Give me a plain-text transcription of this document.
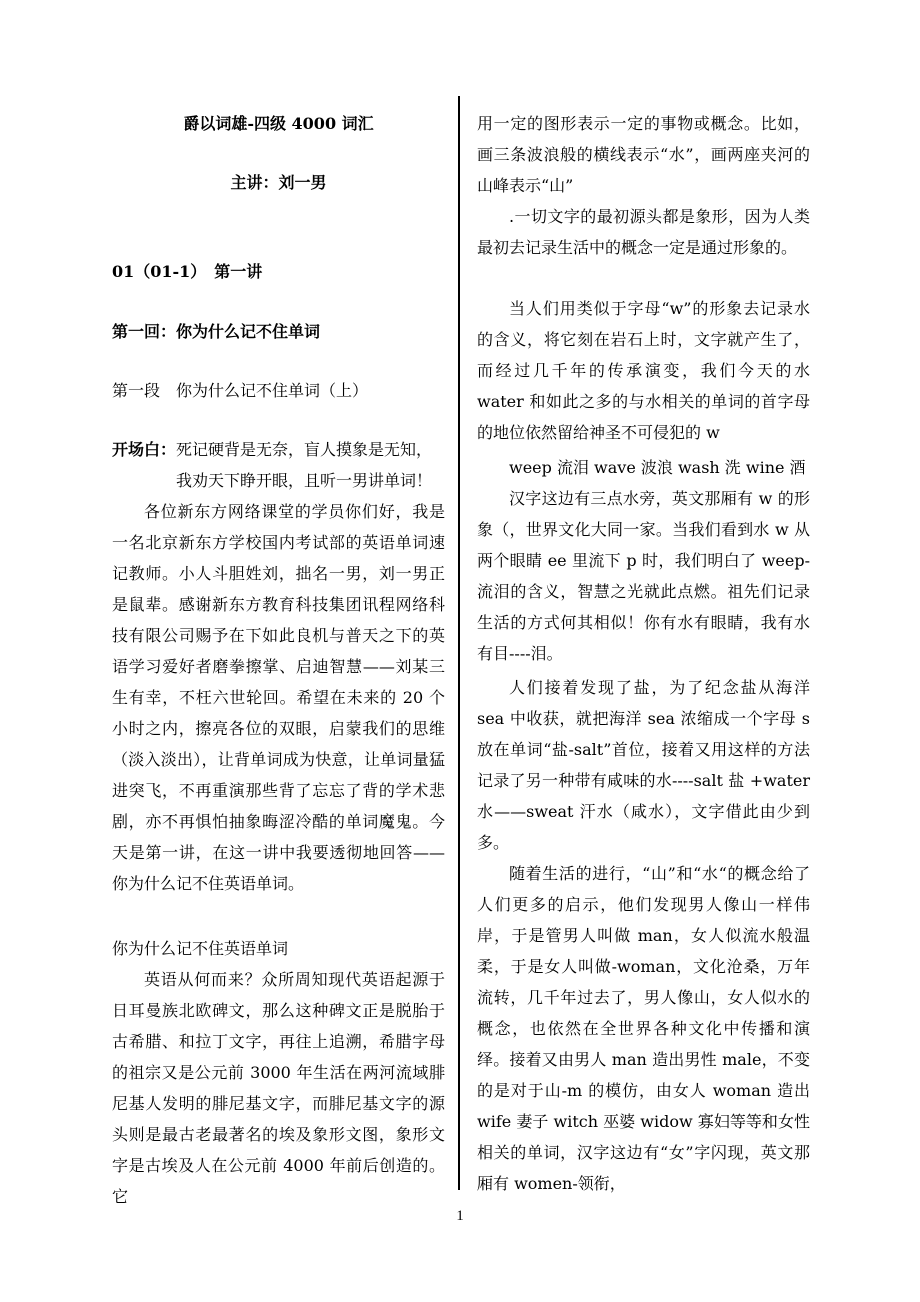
爵以词雄-四级 4000 词汇

主讲：刘一男

01（01-1）　第一讲

第一回：你为什么记不住单词

第一段　你为什么记不住单词（上）

开场白：死记硬背是无奈，盲人摸象是无知，

我劝天下睁开眼，且听一男讲单词！

各位新东方网络课堂的学员你们好，我是一名北京新东方学校国内考试部的英语单词速记教师。小人斗胆姓刘，拙名一男，刘一男正是鼠辈。感谢新东方教育科技集团讯程网络科技有限公司赐予在下如此良机与普天之下的英语学习爱好者磨拳擦掌、启迪智慧——刘某三生有幸，不枉六世轮回。希望在未来的 20 个小时之内，擦亮各位的双眼，启蒙我们的思维（淡入淡出），让背单词成为快意，让单词量猛进突飞，不再重演那些背了忘忘了背的学术悲剧，亦不再惧怕抽象晦涩冷酷的单词魔鬼。今天是第一讲，在这一讲中我要透彻地回答——你为什么记不住英语单词。

你为什么记不住英语单词

英语从何而来？众所周知现代英语起源于日耳曼族北欧碑文，那么这种碑文正是脱胎于古希腊、和拉丁文字，再往上追溯，希腊字母的祖宗又是公元前 3000 年生活在两河流域腓尼基人发明的腓尼基文字，而腓尼基文字的源头则是最古老最著名的埃及象形文图，象形文字是古埃及人在公元前 4000 年前后创造的。它

用一定的图形表示一定的事物或概念。比如，画三条波浪般的横线表示“水”，画两座夹河的山峰表示“山”

.一切文字的最初源头都是象形，因为人类最初去记录生活中的概念一定是通过形象的。

当人们用类似于字母“w”的形象去记录水的含义，将它刻在岩石上时，文字就产生了，而经过几千年的传承演变，我们今天的水 water 和如此之多的与水相关的单词的首字母的地位依然留给神圣不可侵犯的 w

weep 流泪 wave 波浪 wash 洗 wine 酒

汉字这边有三点水旁，英文那厢有 w 的形象（，世界文化大同一家。当我们看到水 w 从两个眼睛 ee 里流下 p 时，我们明白了 weep-流泪的含义，智慧之光就此点燃。祖先们记录生活的方式何其相似！你有水有眼睛，我有水有目----泪。

人们接着发现了盐，为了纪念盐从海洋 sea 中收获，就把海洋 sea 浓缩成一个字母 s 放在单词“盐-salt”首位，接着又用这样的方法记录了另一种带有咸味的水----salt 盐 +water 水——sweat 汗水（咸水），文字借此由少到多。

随着生活的进行，“山”和“水“的概念给了人们更多的启示，他们发现男人像山一样伟岸，于是管男人叫做 man，女人似流水般温柔，于是女人叫做-woman，文化沧桑，万年流转，几千年过去了，男人像山，女人似水的概念，也依然在全世界各种文化中传播和演绎。接着又由男人 man 造出男性 male，不变的是对于山-m 的模仿，由女人 woman 造出 wife 妻子 witch 巫婆 widow 寡妇等等和女性相关的单词，汉字这边有“女”字闪现，英文那厢有 women-领衔，

1
